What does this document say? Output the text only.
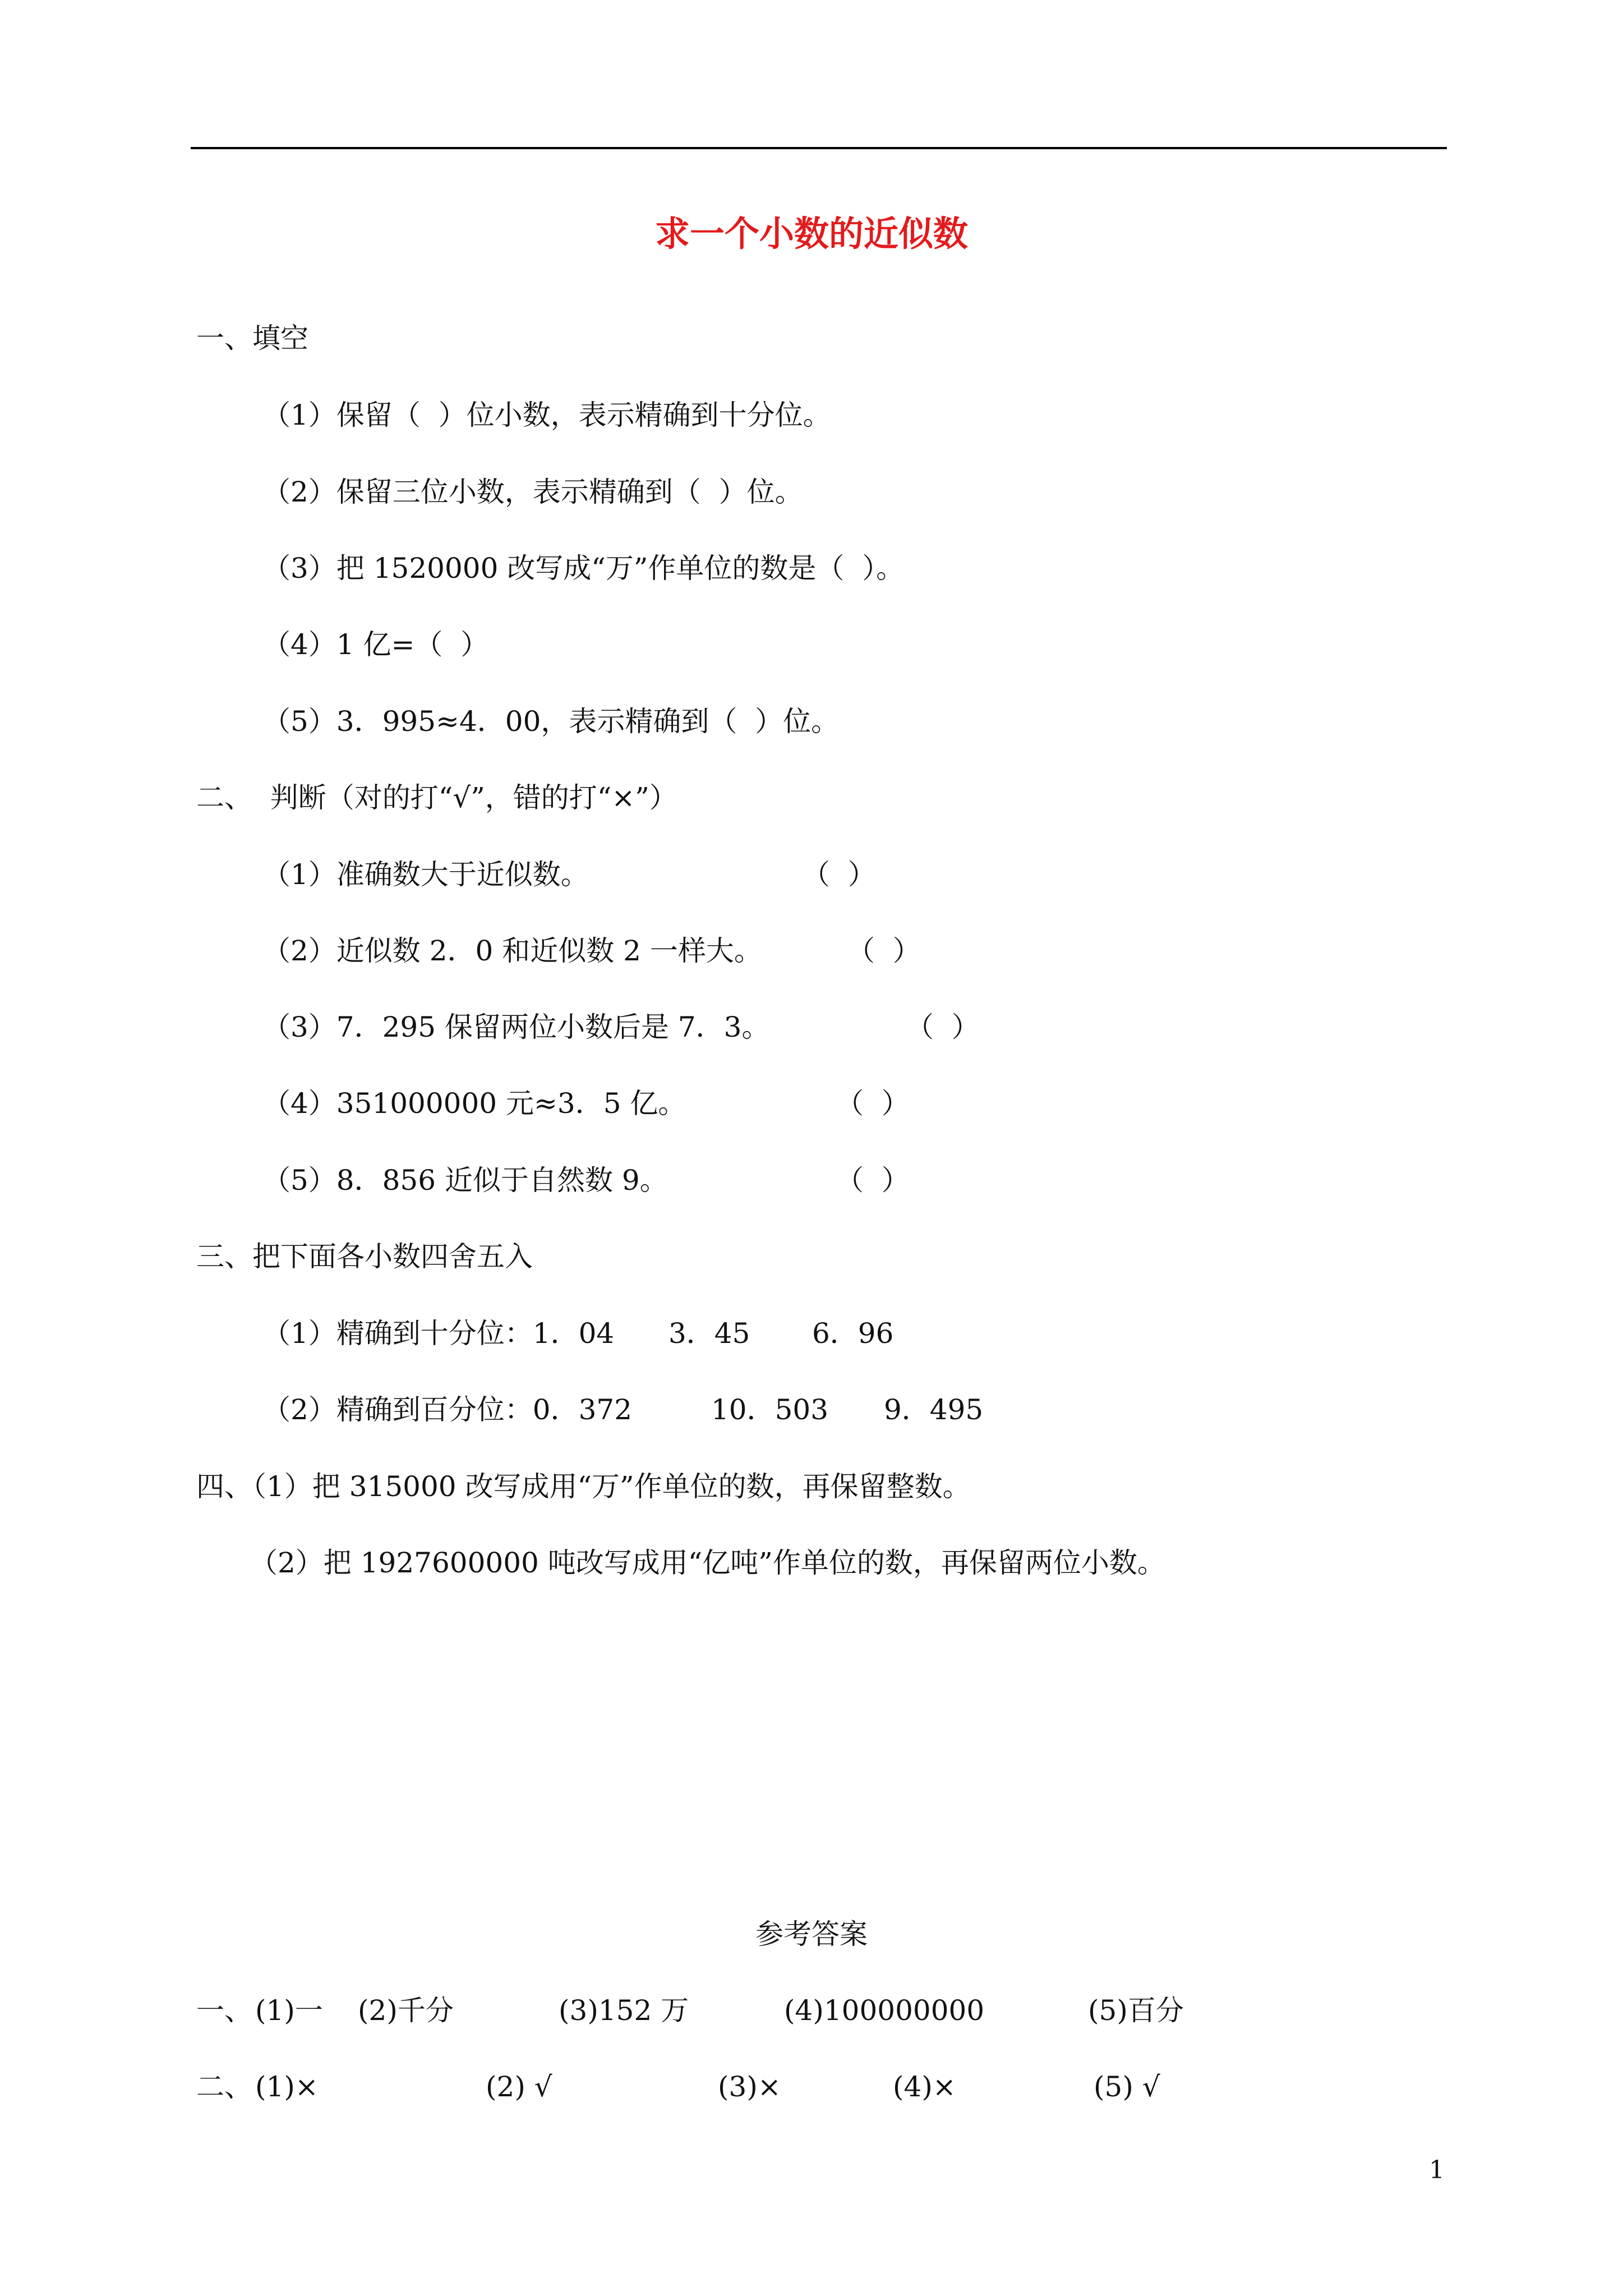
求一个小数的近似数
一、填空
（1）保留（  ）位小数，表示精确到十分位。
（2）保留三位小数，表示精确到（  ）位。
（3）把 1520000 改写成“万”作单位的数是（  ）。
（4）1 亿=（  ）
（5）3．995≈4．00，表示精确到（  ）位。
二、  判断（对的打“√”，错的打“×”）
（1）准确数大于近似数。	（  ）
（2）近似数 2．0 和近似数 2 一样大。	（  ）
（3）7．295 保留两位小数后是 7．3。	（  ）
（4）351000000 元≈3．5 亿。	（  ）
（5）8．856 近似于自然数 9。	（  ）
三、把下面各小数四舍五入
（1）精确到十分位：1．04 3．45 6．96
（2）精确到百分位：0．372	10．503 9．495
四、（1）把 315000 改写成用“万”作单位的数，再保留整数。
（2）把 1927600000 吨改写成用“亿吨”作单位的数，再保留两位小数。
参考答案
一、 (1)一 (2)千分	(3)152 万	(4)100000000	(5)百分
二、 (1)×	(2) √	(3)×	(4)×	(5) √
1
